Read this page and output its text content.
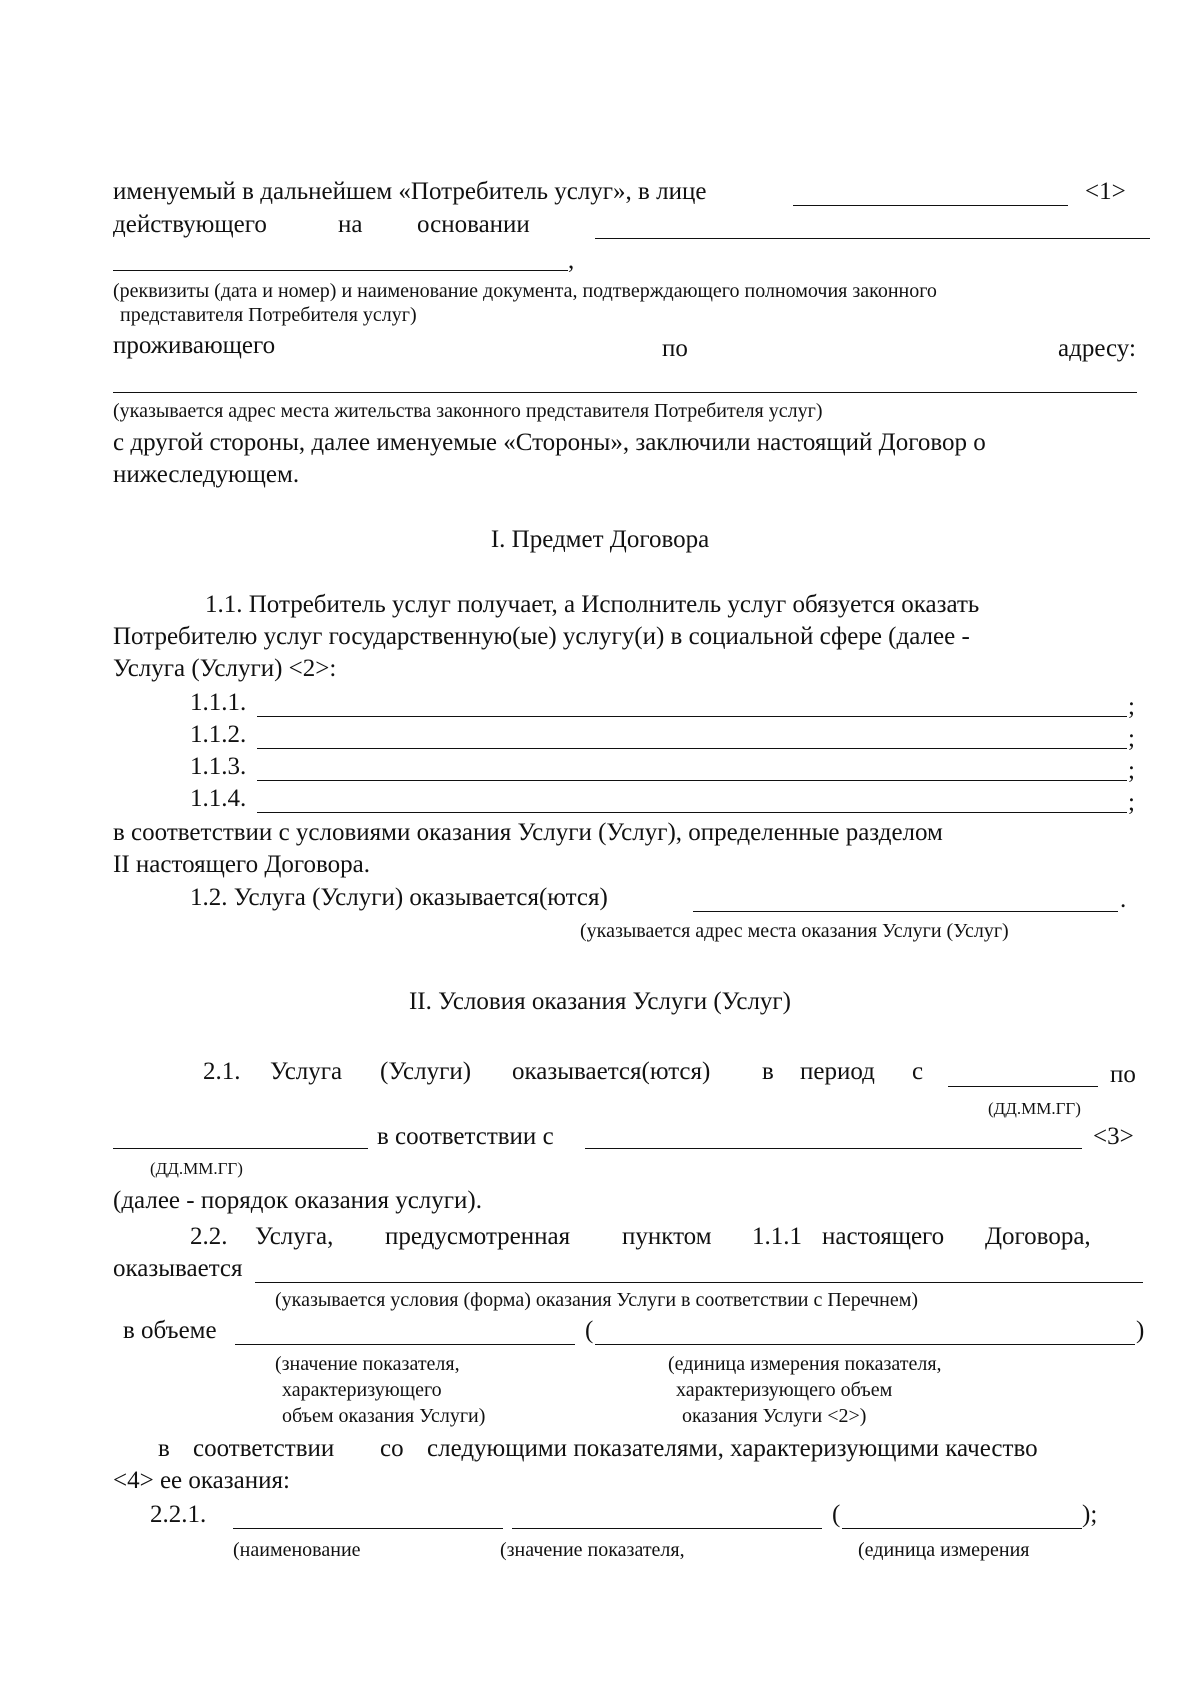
именуемый в дальнейшем «Потребитель услуг», в лице	<1>
действующего	на основании
,
(реквизиты (дата и номер) и наименование документа, подтверждающего полномочия законного
представителя Потребителя услуг)
проживающего	по	адресу:
(указывается адрес места жительства законного представителя Потребителя услуг)
с другой стороны, далее именуемые «Стороны», заключили настоящий Договор о
нижеследующем.
I. Предмет Договора
1.1. Потребитель услуг получает, а Исполнитель услуг обязуется оказать
Потребителю услуг государственную(ые) услугу(и) в социальной сфере (далее -
Услуга (Услуги) <2>:
1.1.1.	;
1.1.2.	;
1.1.3.	;
1.1.4.	;
в соответствии с условиями оказания Услуги (Услуг), определенные разделом
II настоящего Договора.
1.2. Услуга (Услуги) оказывается(ются)	.
(указывается адрес места оказания Услуги (Услуг)
II. Условия оказания Услуги (Услуг)
2.1. Услуга (Услуги) оказывается(ются) в период с	по
(ДД.ММ.ГГ)
в соответствии с	<3>
(ДД.ММ.ГГ)
(далее - порядок оказания услуги).
2.2. Услуга, предусмотренная пунктом 1.1.1 настоящего Договора,
оказывается
(указывается условия (форма) оказания Услуги в соответствии с Перечнем)
в объеме	(	)
(значение показателя,
характеризующего
объем оказания Услуги)
(единица измерения показателя,
характеризующего объем
оказания Услуги <2>)
в соответствии со следующими показателями, характеризующими качество
<4> ее оказания:
2.2.1.	(	);
(наименование	(значение показателя,	(единица измерения
